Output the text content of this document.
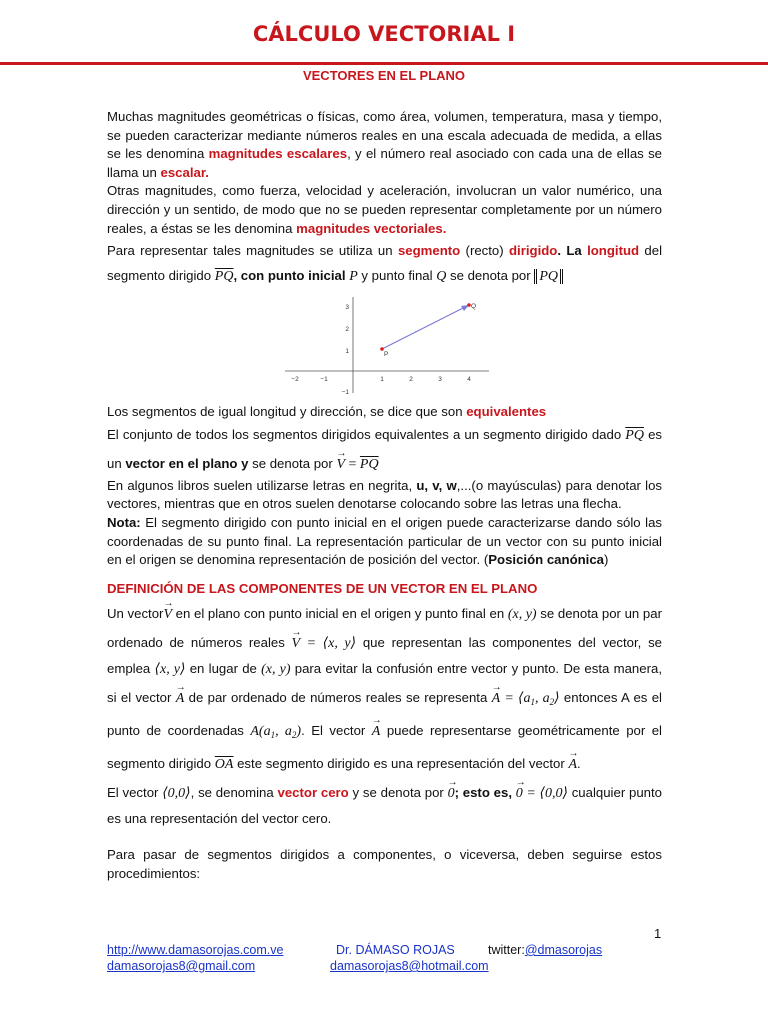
CÁLCULO VECTORIAL I
VECTORES EN EL PLANO

Muchas magnitudes geométricas o físicas, como área, volumen, temperatura, masa y tiempo, se pueden caracterizar mediante números reales en una escala adecuada de medida, a ellas se les denomina magnitudes escalares, y el número real asociado con cada una de ellas se llama un escalar.

Otras magnitudes, como fuerza, velocidad y aceleración, involucran un valor numérico, una dirección y un sentido, de modo que no se pueden representar completamente por un número reales, a éstas se les denomina magnitudes vectoriales.

Para representar tales magnitudes se utiliza un segmento (recto) dirigido. La longitud del segmento dirigido $\overline{PQ}$, con punto inicial P y punto final Q se denota por PQ

−2	−1	1	2	3	4
−1
1
2
3
P
Q

Los segmentos de igual longitud y dirección, se dice que son equivalentes

El conjunto de todos los segmentos dirigidos equivalentes a un segmento dirigido dado $\overline{PQ}$ es un vector en el plano y se denota por → $V = \overline{PQ}$

En algunos libros suelen utilizarse letras en negrita, u, v, w,...(o mayúsculas) para denotar los vectores, mientras que en otros suelen denotarse colocando sobre las letras una flecha.

Nota: El segmento dirigido con punto inicial en el origen puede caracterizarse dando sólo las coordenadas de su punto final. La representación particular de un vector con su punto inicial en el origen se denomina representación de posición del vector. (Posición canónica)

DEFINICIÓN DE LAS COMPONENTES DE UN VECTOR EN EL PLANO

Un vector→ V en el plano con punto inicial en el origen y punto final en (x, y) se denota por un par ordenado de números reales → V = ⟨x, y⟩ que representan las componentes del vector, se emplea ⟨x, y⟩ en lugar de (x, y) para evitar la confusión entre vector y punto. De esta manera, si el vector → A de par ordenado de números reales se representa → $A = ⟨a_1$, $a_2⟩$ entonces A es el punto de coordenadas $A(a_1$, $a_2$). El vector → A puede representarse geométricamente por el segmento dirigido $\overline{OA}$ este segmento dirigido es una representación del vector → A.

El vector ⟨0,0⟩, se denomina vector cero y se denota por → 0; esto es, → 0 = ⟨0,0⟩ cualquier punto es una representación del vector cero.

Para pasar de segmentos dirigidos a componentes, o viceversa, deben seguirse estos procedimientos:

1
http://www.damasorojas.com.ve
damasorojas8@gmail.com
Dr. DÁMASO ROJAS
damasorojas8@hotmail.com
twitter:@dmasorojas
